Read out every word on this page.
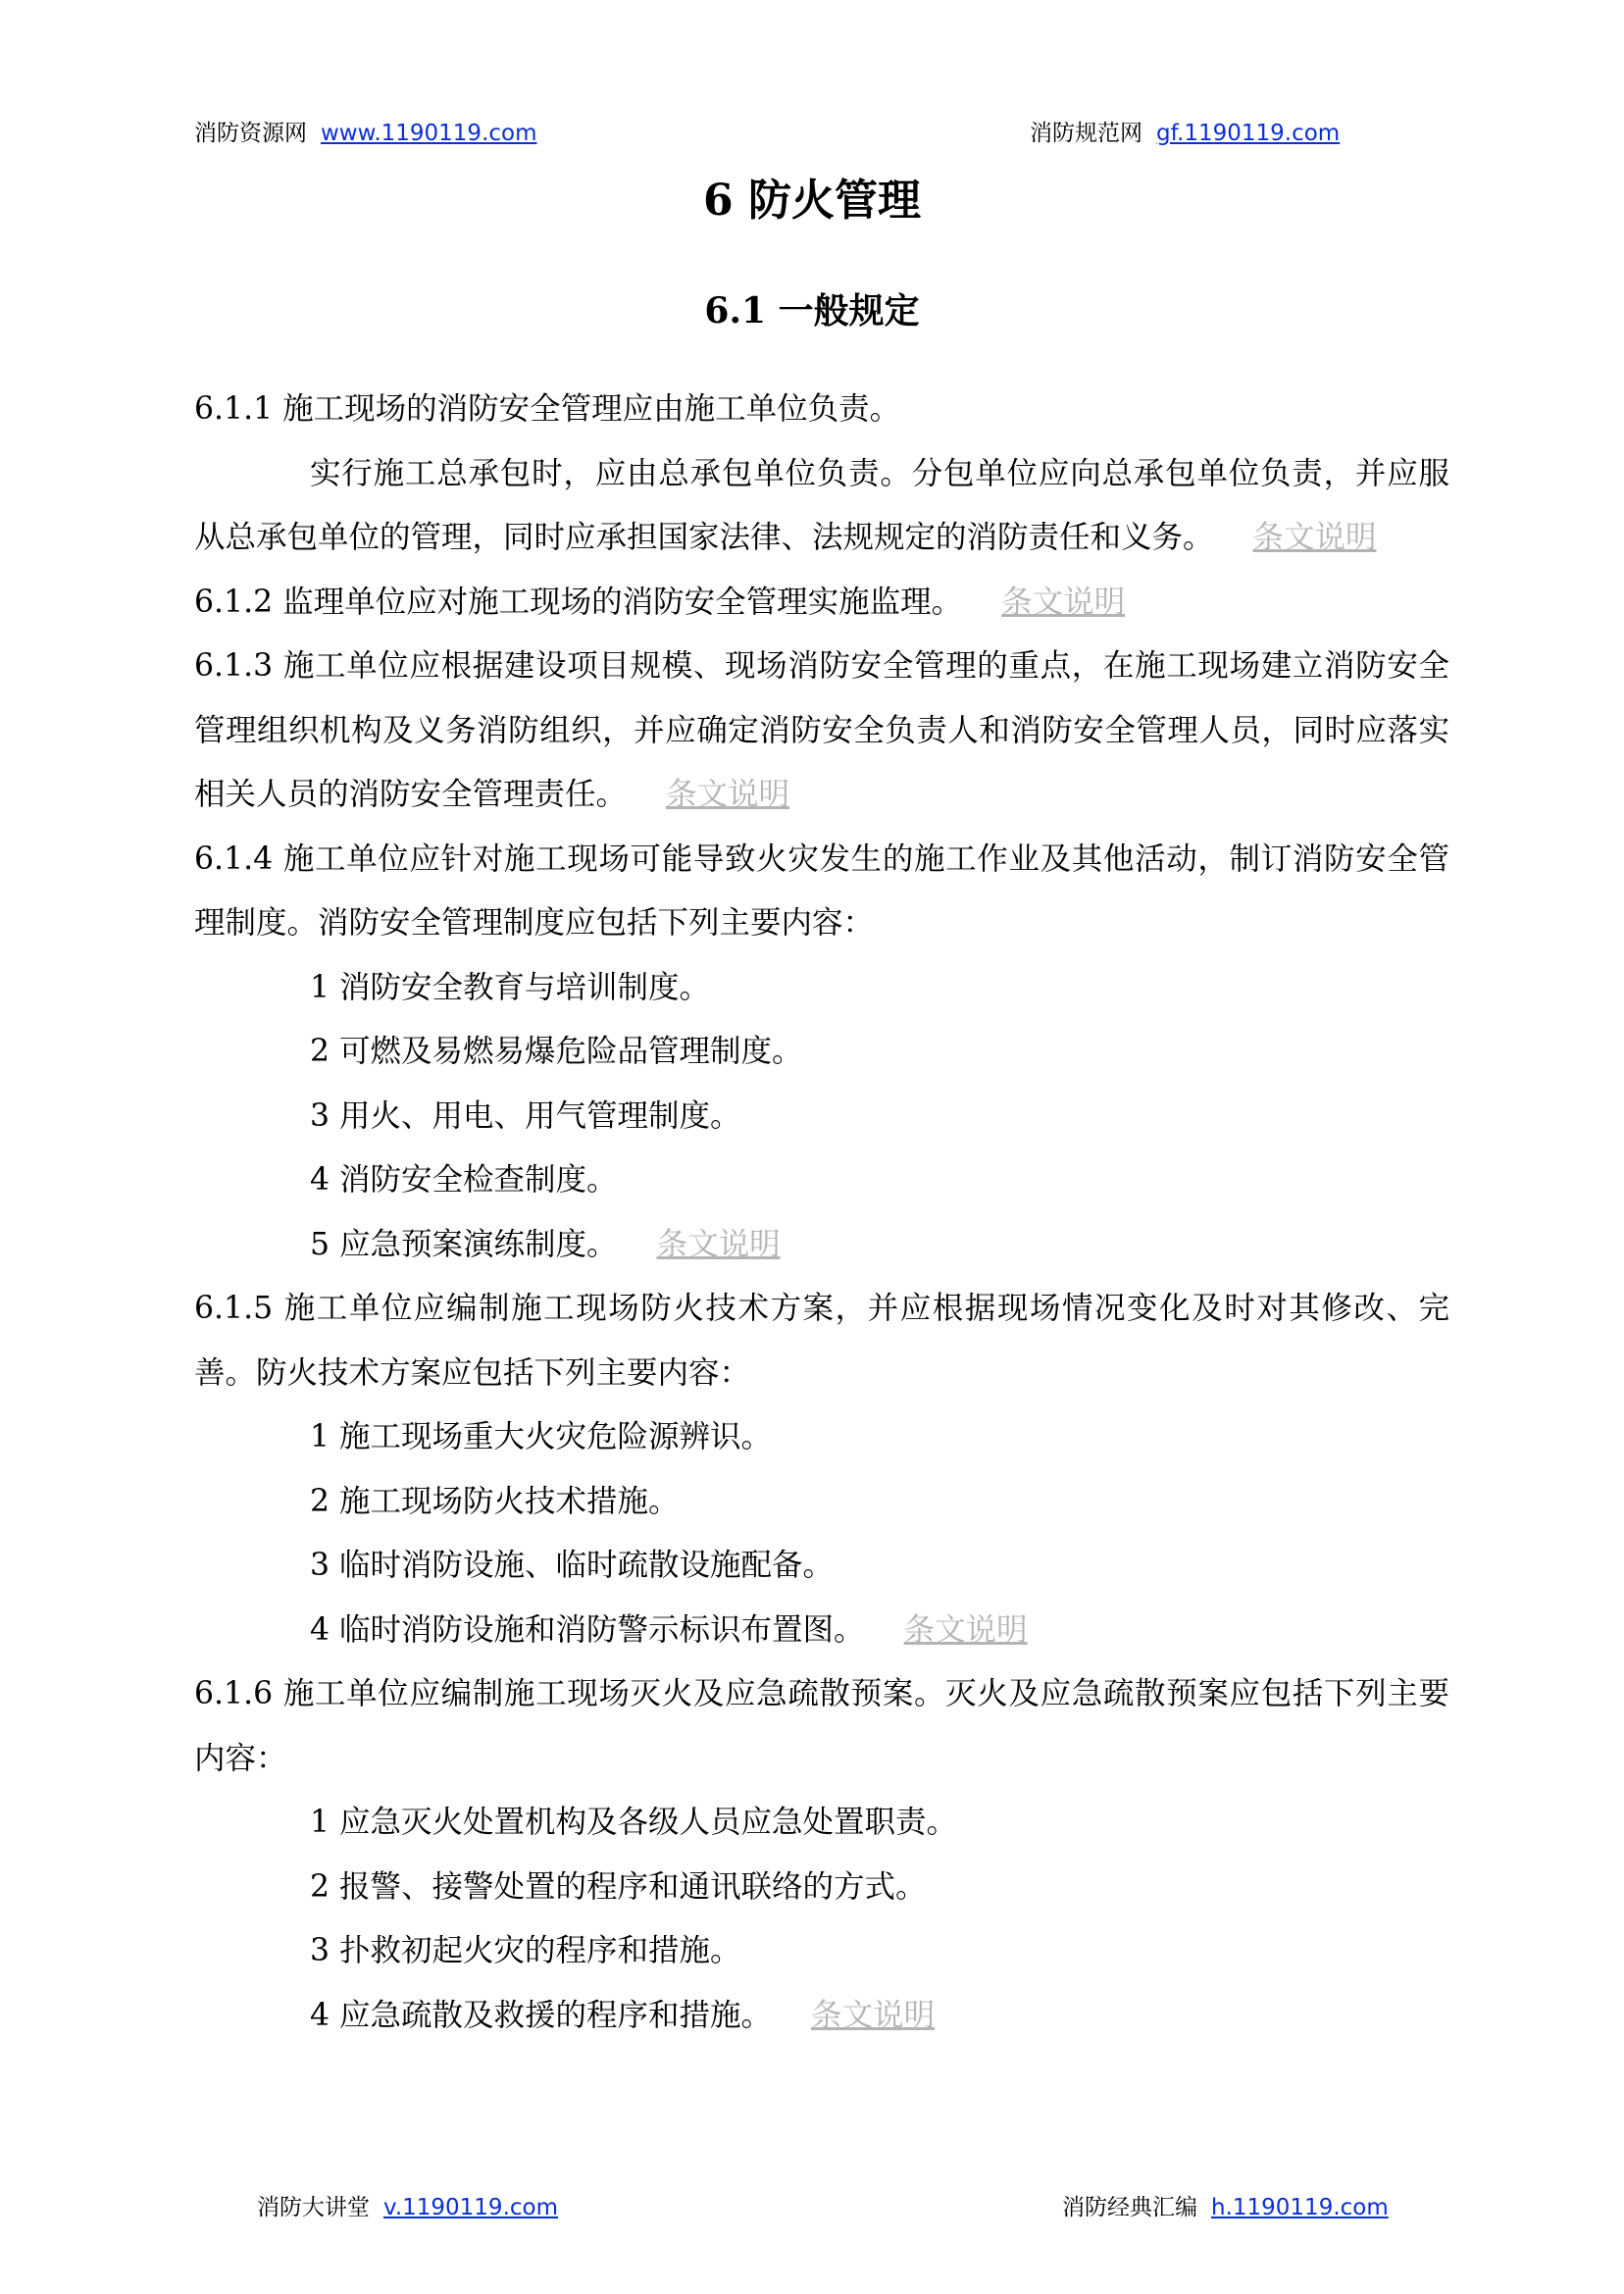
消防资源网 www.1190119.com	消防规范网 gf.1190119.com
6 防火管理
6.1 一般规定

6.1.1 施工现场的消防安全管理应由施工单位负责。

实行施工总承包时，应由总承包单位负责。分包单位应向总承包单位负责，并应服从总承包单位的管理，同时应承担国家法律、法规规定的消防责任和义务。 条文说明

6.1.2 监理单位应对施工现场的消防安全管理实施监理。 条文说明

6.1.3 施工单位应根据建设项目规模、现场消防安全管理的重点，在施工现场建立消防安全管理组织机构及义务消防组织，并应确定消防安全负责人和消防安全管理人员，同时应落实相关人员的消防安全管理责任。 条文说明

6.1.4 施工单位应针对施工现场可能导致火灾发生的施工作业及其他活动，制订消防安全管理制度。消防安全管理制度应包括下列主要内容：

1 消防安全教育与培训制度。

2 可燃及易燃易爆危险品管理制度。

3 用火、用电、用气管理制度。

4 消防安全检查制度。

5 应急预案演练制度。 条文说明

6.1.5 施工单位应编制施工现场防火技术方案，并应根据现场情况变化及时对其修改、完善。防火技术方案应包括下列主要内容：

1 施工现场重大火灾危险源辨识。

2 施工现场防火技术措施。

3 临时消防设施、临时疏散设施配备。

4 临时消防设施和消防警示标识布置图。 条文说明

6.1.6 施工单位应编制施工现场灭火及应急疏散预案。灭火及应急疏散预案应包括下列主要内容：

1 应急灭火处置机构及各级人员应急处置职责。

2 报警、接警处置的程序和通讯联络的方式。

3 扑救初起火灾的程序和措施。

4 应急疏散及救援的程序和措施。 条文说明

消防大讲堂 v.1190119.com	消防经典汇编 h.1190119.com
